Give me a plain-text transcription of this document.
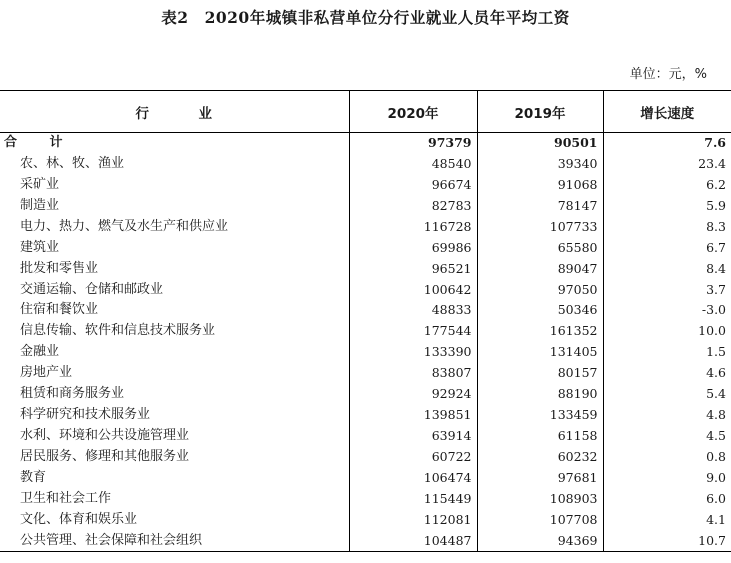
表2　2020年城镇非私营单位分行业就业人员年平均工资
单位：元，%
行　业	2020年	2019年	增长速度
合 计	97379	90501	7.6
农、林、牧、渔业	48540	39340	23.4
采矿业	96674	91068	6.2
制造业	82783	78147	5.9
电力、热力、燃气及水生产和供应业	116728	107733	8.3
建筑业	69986	65580	6.7
批发和零售业	96521	89047	8.4
交通运输、仓储和邮政业	100642	97050	3.7
住宿和餐饮业	48833	50346	-3.0
信息传输、软件和信息技术服务业	177544	161352	10.0
金融业	133390	131405	1.5
房地产业	83807	80157	4.6
租赁和商务服务业	92924	88190	5.4
科学研究和技术服务业	139851	133459	4.8
水利、环境和公共设施管理业	63914	61158	4.5
居民服务、修理和其他服务业	60722	60232	0.8
教育	106474	97681	9.0
卫生和社会工作	115449	108903	6.0
文化、体育和娱乐业	112081	107708	4.1
公共管理、社会保障和社会组织	104487	94369	10.7
